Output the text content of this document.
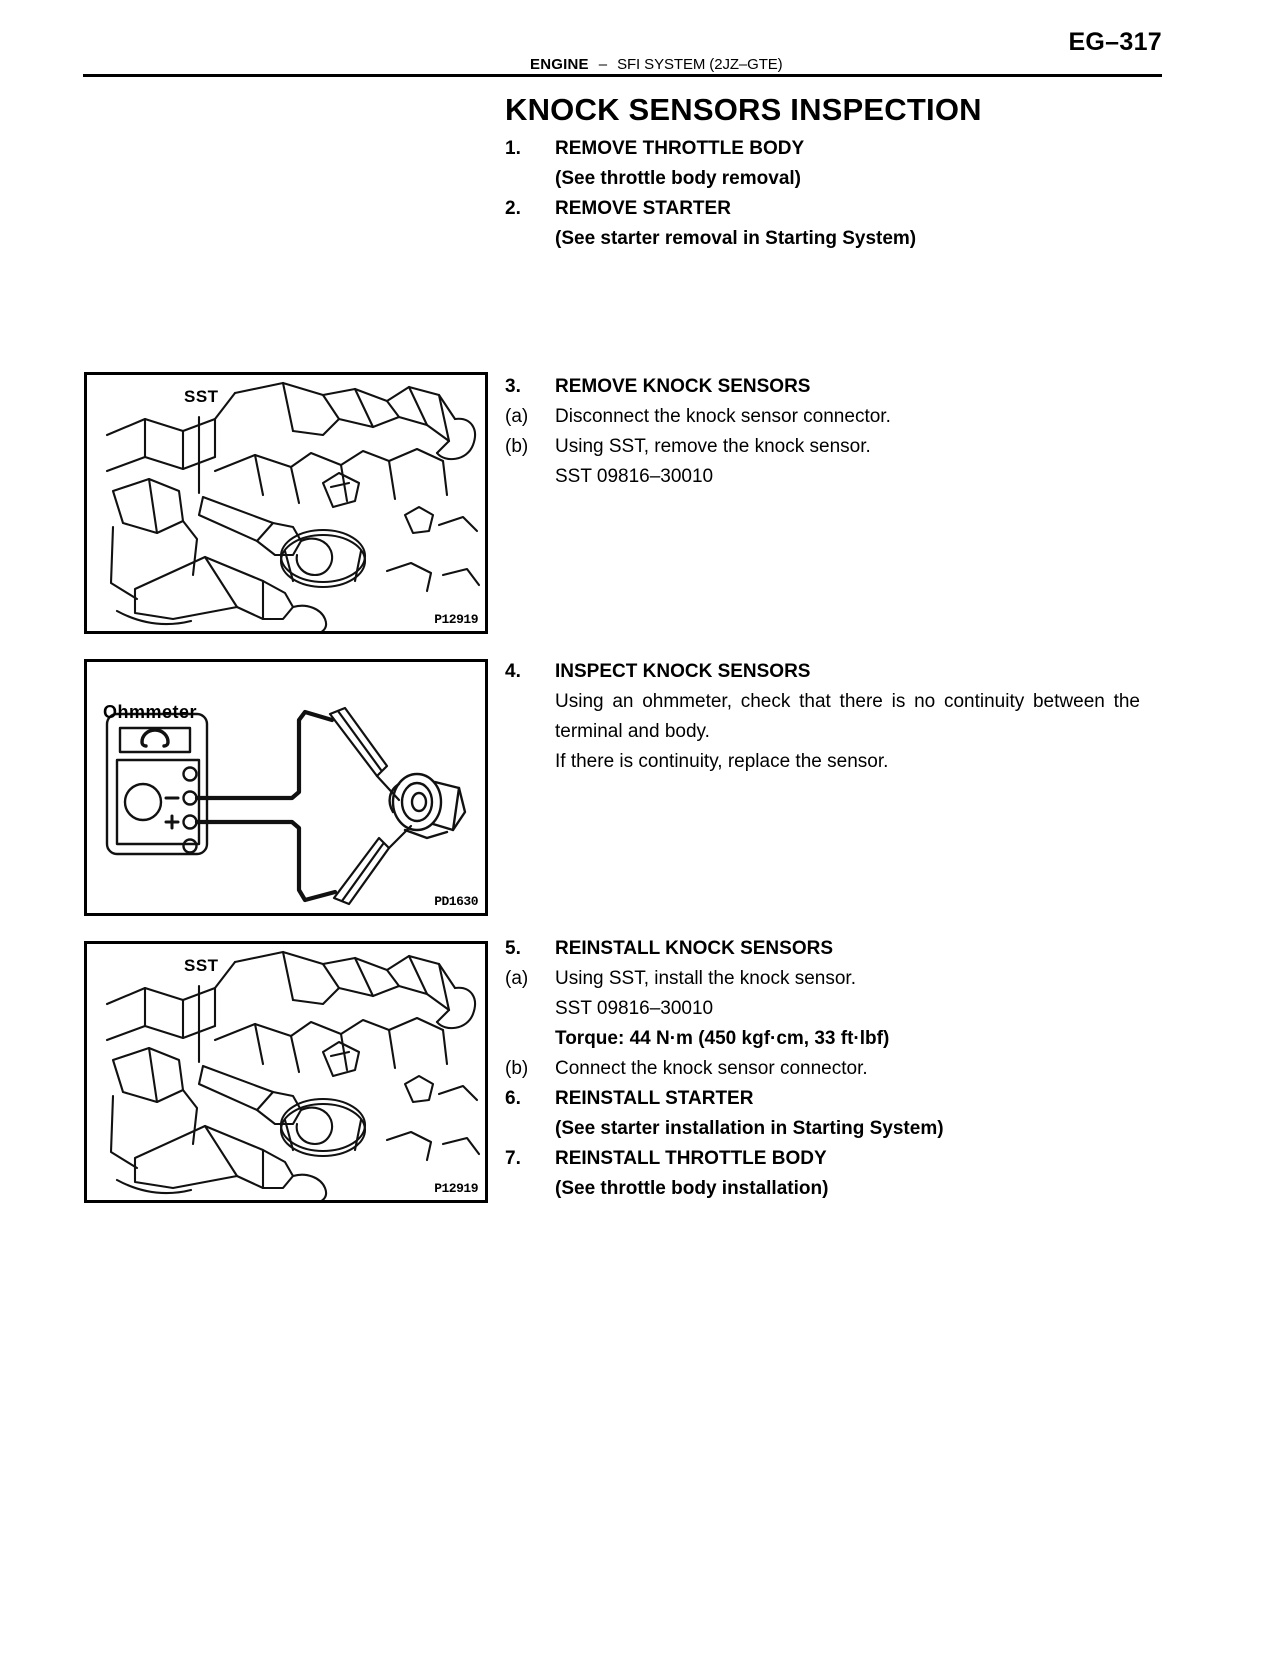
EG–317
ENGINE – SFI SYSTEM (2JZ–GTE)
KNOCK SENSORS INSPECTION
1.	REMOVE THROTTLE BODY
(See throttle body removal)
2.	REMOVE STARTER
(See starter removal in Starting System)
SST
P12919
3.	REMOVE KNOCK SENSORS
(a)	Disconnect the knock sensor connector.
(b)	Using SST, remove the knock sensor.
SST 09816–30010
Ohmmeter
PD1630
4.	INSPECT KNOCK SENSORS
Using an ohmmeter, check that there is no continuity between the terminal and body.
If there is continuity, replace the sensor.
SST
P12919
5.	REINSTALL KNOCK SENSORS
(a)	Using SST, install the knock sensor.
SST 09816–30010
Torque: 44 N·m (450 kgf·cm, 33 ft·lbf)
(b)	Connect the knock sensor connector.
6.	REINSTALL STARTER
(See starter installation in Starting System)
7.	REINSTALL THROTTLE BODY
(See throttle body installation)
